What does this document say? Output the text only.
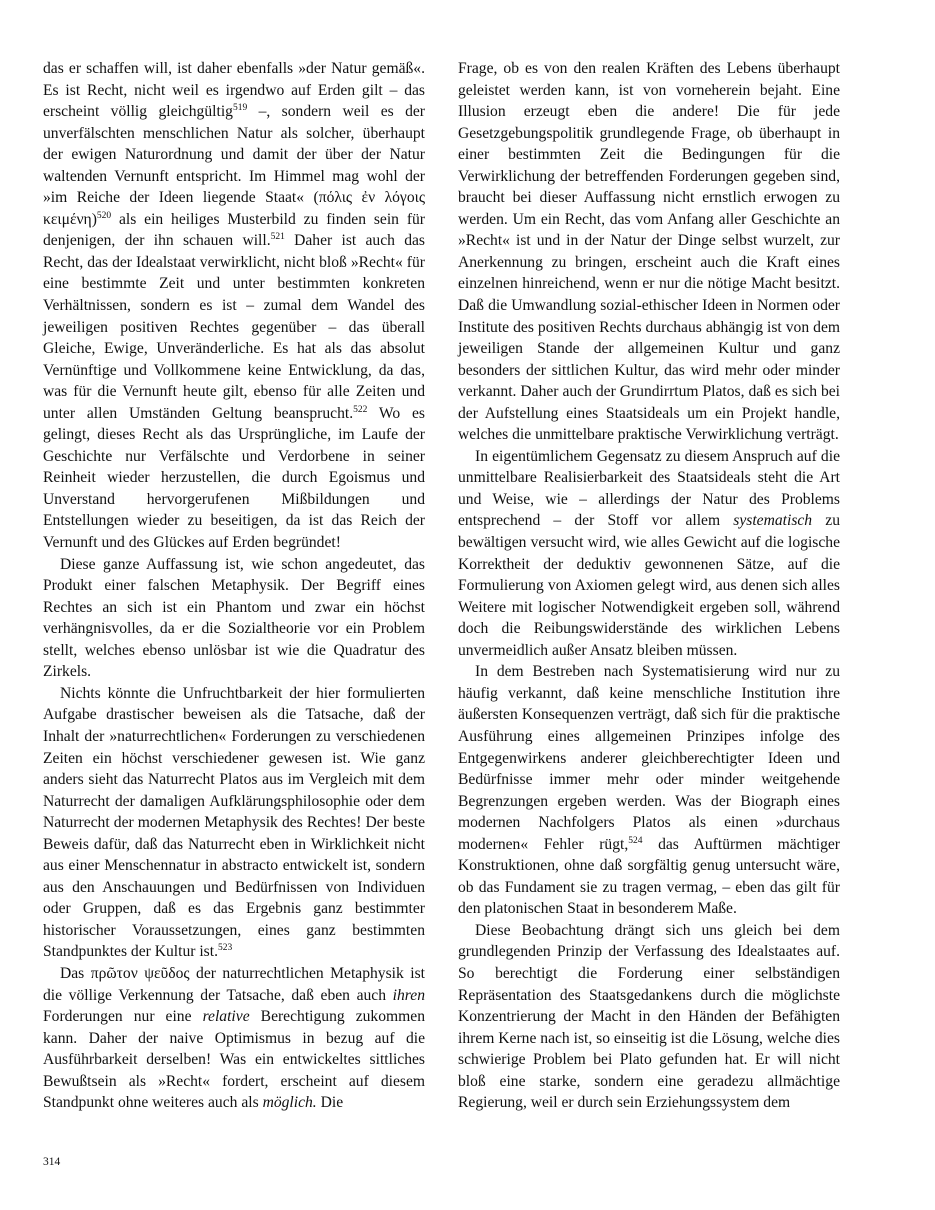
das er schaffen will, ist daher ebenfalls »der Natur gemäß«. Es ist Recht, nicht weil es irgendwo auf Erden gilt – das erscheint völlig gleichgültig$^{519}$ –, sondern weil es der unverfälschten menschlichen Natur als solcher, überhaupt der ewigen Naturordnung und damit der über der Natur waltenden Vernunft entspricht. Im Himmel mag wohl der »im Reiche der Ideen liegende Staat« (πόλις ἐν λόγοις κειμένη)$^{520}$ als ein heiliges Musterbild zu finden sein für denjenigen, der ihn schauen will.$^{521}$ Daher ist auch das Recht, das der Idealstaat verwirklicht, nicht bloß »Recht« für eine bestimmte Zeit und unter bestimmten konkreten Verhältnissen, sondern es ist – zumal dem Wandel des jeweiligen positiven Rechtes gegenüber – das überall Gleiche, Ewige, Unveränderliche. Es hat als das absolut Vernünftige und Vollkommene keine Entwicklung, da das, was für die Vernunft heute gilt, ebenso für alle Zeiten und unter allen Umständen Geltung beansprucht.$^{522}$ Wo es gelingt, dieses Recht als das Ursprüngliche, im Laufe der Geschichte nur Verfälschte und Verdorbene in seiner Reinheit wieder herzustellen, die durch Egoismus und Unverstand hervorgerufenen Mißbildungen und Entstellungen wieder zu beseitigen, da ist das Reich der Vernunft und des Glückes auf Erden begründet!

Diese ganze Auffassung ist, wie schon angedeutet, das Produkt einer falschen Metaphysik. Der Begriff eines Rechtes an sich ist ein Phantom und zwar ein höchst verhängnisvolles, da er die Sozialtheorie vor ein Problem stellt, welches ebenso unlösbar ist wie die Quadratur des Zirkels.

Nichts könnte die Unfruchtbarkeit der hier formulierten Aufgabe drastischer beweisen als die Tatsache, daß der Inhalt der »naturrechtlichen« Forderungen zu verschiedenen Zeiten ein höchst verschiedener gewesen ist. Wie ganz anders sieht das Naturrecht Platos aus im Vergleich mit dem Naturrecht der damaligen Aufklärungsphilosophie oder dem Naturrecht der modernen Metaphysik des Rechtes! Der beste Beweis dafür, daß das Naturrecht eben in Wirklichkeit nicht aus einer Menschennatur in abstracto entwickelt ist, sondern aus den Anschauungen und Bedürfnissen von Individuen oder Gruppen, daß es das Ergebnis ganz bestimmter historischer Voraussetzungen, eines ganz bestimmten Standpunktes der Kultur ist.$^{523}$

Das πρῶτον ψεῦδος der naturrechtlichen Metaphysik ist die völlige Verkennung der Tatsache, daß eben auch ihren Forderungen nur eine relative Berechtigung zukommen kann. Daher der naive Optimismus in bezug auf die Ausführbarkeit derselben! Was ein entwickeltes sittliches Bewußtsein als »Recht« fordert, erscheint auf diesem Standpunkt ohne weiteres auch als möglich. Die

Frage, ob es von den realen Kräften des Lebens überhaupt geleistet werden kann, ist von vorneherein bejaht. Eine Illusion erzeugt eben die andere! Die für jede Gesetzgebungspolitik grundlegende Frage, ob überhaupt in einer bestimmten Zeit die Bedingungen für die Verwirklichung der betreffenden Forderungen gegeben sind, braucht bei dieser Auffassung nicht ernstlich erwogen zu werden. Um ein Recht, das vom Anfang aller Geschichte an »Recht« ist und in der Natur der Dinge selbst wurzelt, zur Anerkennung zu bringen, erscheint auch die Kraft eines einzelnen hinreichend, wenn er nur die nötige Macht besitzt. Daß die Umwandlung sozial-ethischer Ideen in Normen oder Institute des positiven Rechts durchaus abhängig ist von dem jeweiligen Stande der allgemeinen Kultur und ganz besonders der sittlichen Kultur, das wird mehr oder minder verkannt. Daher auch der Grundirrtum Platos, daß es sich bei der Aufstellung eines Staatsideals um ein Projekt handle, welches die unmittelbare praktische Verwirklichung verträgt.

In eigentümlichem Gegensatz zu diesem Anspruch auf die unmittelbare Realisierbarkeit des Staatsideals steht die Art und Weise, wie – allerdings der Natur des Problems entsprechend – der Stoff vor allem systematisch zu bewältigen versucht wird, wie alles Gewicht auf die logische Korrektheit der deduktiv gewonnenen Sätze, auf die Formulierung von Axiomen gelegt wird, aus denen sich alles Weitere mit logischer Notwendigkeit ergeben soll, während doch die Reibungswiderstände des wirklichen Lebens unvermeidlich außer Ansatz bleiben müssen.

In dem Bestreben nach Systematisierung wird nur zu häufig verkannt, daß keine menschliche Institution ihre äußersten Konsequenzen verträgt, daß sich für die praktische Ausführung eines allgemeinen Prinzipes infolge des Entgegenwirkens anderer gleichberechtigter Ideen und Bedürfnisse immer mehr oder minder weitgehende Begrenzungen ergeben werden. Was der Biograph eines modernen Nachfolgers Platos als einen »durchaus modernen« Fehler rügt,$^{524}$ das Auftürmen mächtiger Konstruktionen, ohne daß sorgfältig genug untersucht wäre, ob das Fundament sie zu tragen vermag, – eben das gilt für den platonischen Staat in besonderem Maße.

Diese Beobachtung drängt sich uns gleich bei dem grundlegenden Prinzip der Verfassung des Idealstaates auf. So berechtigt die Forderung einer selbständigen Repräsentation des Staatsgedankens durch die möglichste Konzentrierung der Macht in den Händen der Befähigten ihrem Kerne nach ist, so einseitig ist die Lösung, welche dies schwierige Problem bei Plato gefunden hat. Er will nicht bloß eine starke, sondern eine geradezu allmächtige Regierung, weil er durch sein Erziehungssystem dem

314
